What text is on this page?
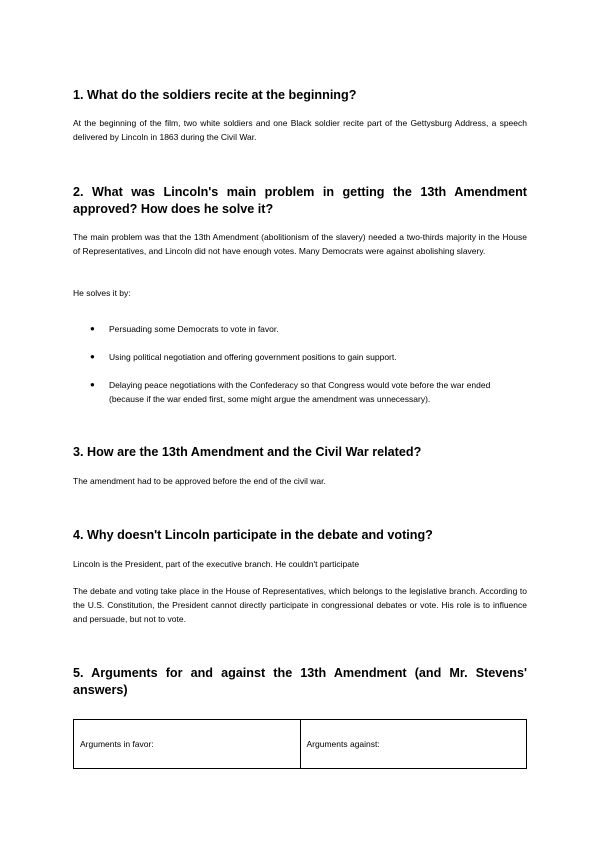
1. What do the soldiers recite at the beginning?

At the beginning of the film, two white soldiers and one Black soldier recite part of the Gettysburg Address, a speech delivered by Lincoln in 1863 during the Civil War.

2. What was Lincoln's main problem in getting the 13th Amendment approved? How does he solve it?

The main problem was that the 13th Amendment (abolitionism of the slavery) needed a two-thirds majority in the House of Representatives, and Lincoln did not have enough votes. Many Democrats were against abolishing slavery.

He solves it by:

●	Persuading some Democrats to vote in favor.
●	Using political negotiation and offering government positions to gain support.
●	Delaying peace negotiations with the Confederacy so that Congress would vote before the war ended (because if the war ended first, some might argue the amendment was unnecessary).
3. How are the 13th Amendment and the Civil War related?

The amendment had to be approved before the end of the civil war.

4. Why doesn't Lincoln participate in the debate and voting?

Lincoln is the President, part of the executive branch. He couldn't participate

The debate and voting take place in the House of Representatives, which belongs to the legislative branch. According to the U.S. Constitution, the President cannot directly participate in congressional debates or vote. His role is to influence and persuade, but not to vote.

5. Arguments for and against the 13th Amendment (and Mr. Stevens' answers)
Arguments in favor:	Arguments against:
